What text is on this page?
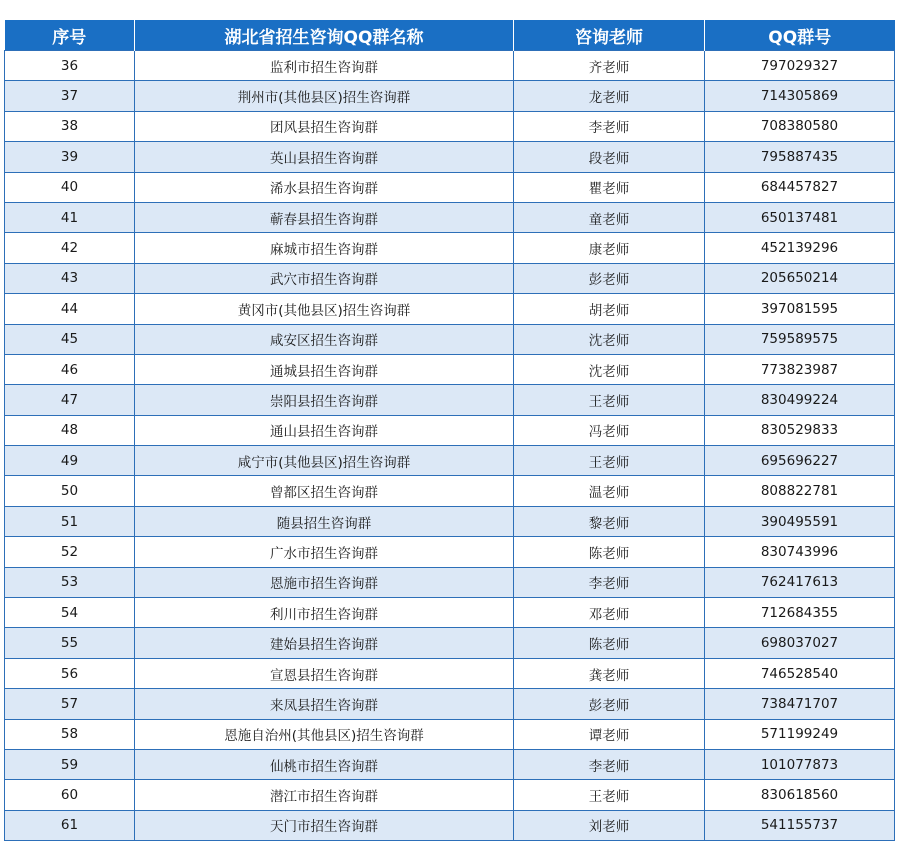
序号	湖北省招生咨询QQ群名称	咨询老师	QQ群号
36	监利市招生咨询群	齐老师	797029327
37	荆州市(其他县区)招生咨询群	龙老师	714305869
38	团风县招生咨询群	李老师	708380580
39	英山县招生咨询群	段老师	795887435
40	浠水县招生咨询群	瞿老师	684457827
41	蕲春县招生咨询群	童老师	650137481
42	麻城市招生咨询群	康老师	452139296
43	武穴市招生咨询群	彭老师	205650214
44	黄冈市(其他县区)招生咨询群	胡老师	397081595
45	咸安区招生咨询群	沈老师	759589575
46	通城县招生咨询群	沈老师	773823987
47	崇阳县招生咨询群	王老师	830499224
48	通山县招生咨询群	冯老师	830529833
49	咸宁市(其他县区)招生咨询群	王老师	695696227
50	曾都区招生咨询群	温老师	808822781
51	随县招生咨询群	黎老师	390495591
52	广水市招生咨询群	陈老师	830743996
53	恩施市招生咨询群	李老师	762417613
54	利川市招生咨询群	邓老师	712684355
55	建始县招生咨询群	陈老师	698037027
56	宣恩县招生咨询群	龚老师	746528540
57	来凤县招生咨询群	彭老师	738471707
58	恩施自治州(其他县区)招生咨询群	谭老师	571199249
59	仙桃市招生咨询群	李老师	101077873
60	潜江市招生咨询群	王老师	830618560
61	天门市招生咨询群	刘老师	541155737
